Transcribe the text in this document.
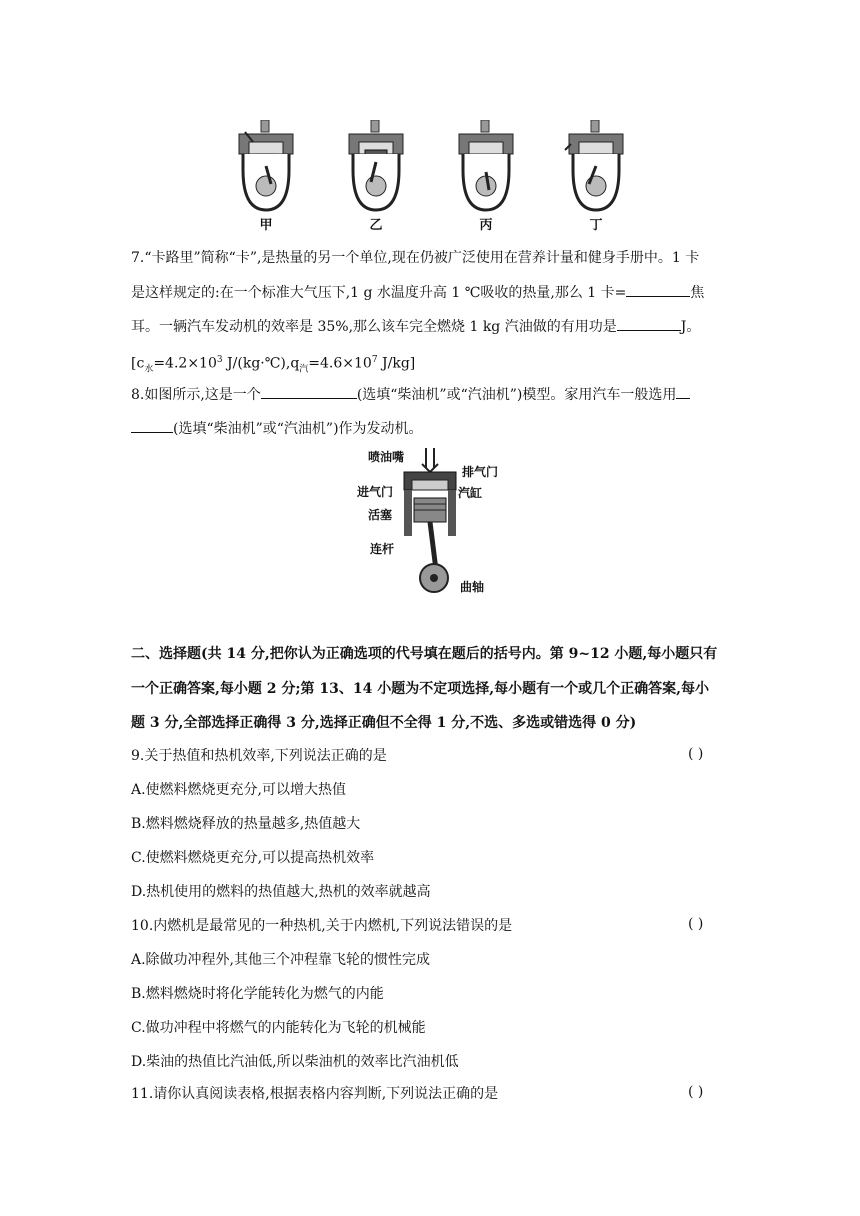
甲	乙	丙	丁
7.“卡路里”简称“卡”,是热量的另一个单位,现在仍被广泛使用在营养计量和健身手册中。1 卡
是这样规定的:在一个标准大气压下,1 g 水温度升高 1 ℃吸收的热量,那么 1 卡=	焦
耳。一辆汽车发动机的效率是 35%,那么该车完全燃烧 1 kg 汽油做的有用功是	J。
[$c_水=4.2\times 10^3$ $J/(kg\cdot℃),q_汽=4.6\times 10^7$ J/kg]
8.如图所示,这是一个	(选填“柴油机”或“汽油机”)模型。家用汽车一般选用
(选填“柴油机”或“汽油机”)作为发动机。
喷油嘴
排气门
进气门	汽缸
活塞
连杆
曲轴
二、选择题(共 14 分,把你认为正确选项的代号填在题后的括号内。第 9~12 小题,每小题只有
一个正确答案,每小题 2 分;第 13、14 小题为不定项选择,每小题有一个或几个正确答案,每小
题 3 分,全部选择正确得 3 分,选择正确但不全得 1 分,不选、多选或错选得 0 分)
9.关于热值和热机效率,下列说法正确的是	( )
A.使燃料燃烧更充分,可以增大热值
B.燃料燃烧释放的热量越多,热值越大
C.使燃料燃烧更充分,可以提高热机效率
D.热机使用的燃料的热值越大,热机的效率就越高
10.内燃机是最常见的一种热机,关于内燃机,下列说法错误的是	( )
A.除做功冲程外,其他三个冲程靠飞轮的惯性完成
B.燃料燃烧时将化学能转化为燃气的内能
C.做功冲程中将燃气的内能转化为飞轮的机械能
D.柴油的热值比汽油低,所以柴油机的效率比汽油机低
11.请你认真阅读表格,根据表格内容判断,下列说法正确的是	( )
